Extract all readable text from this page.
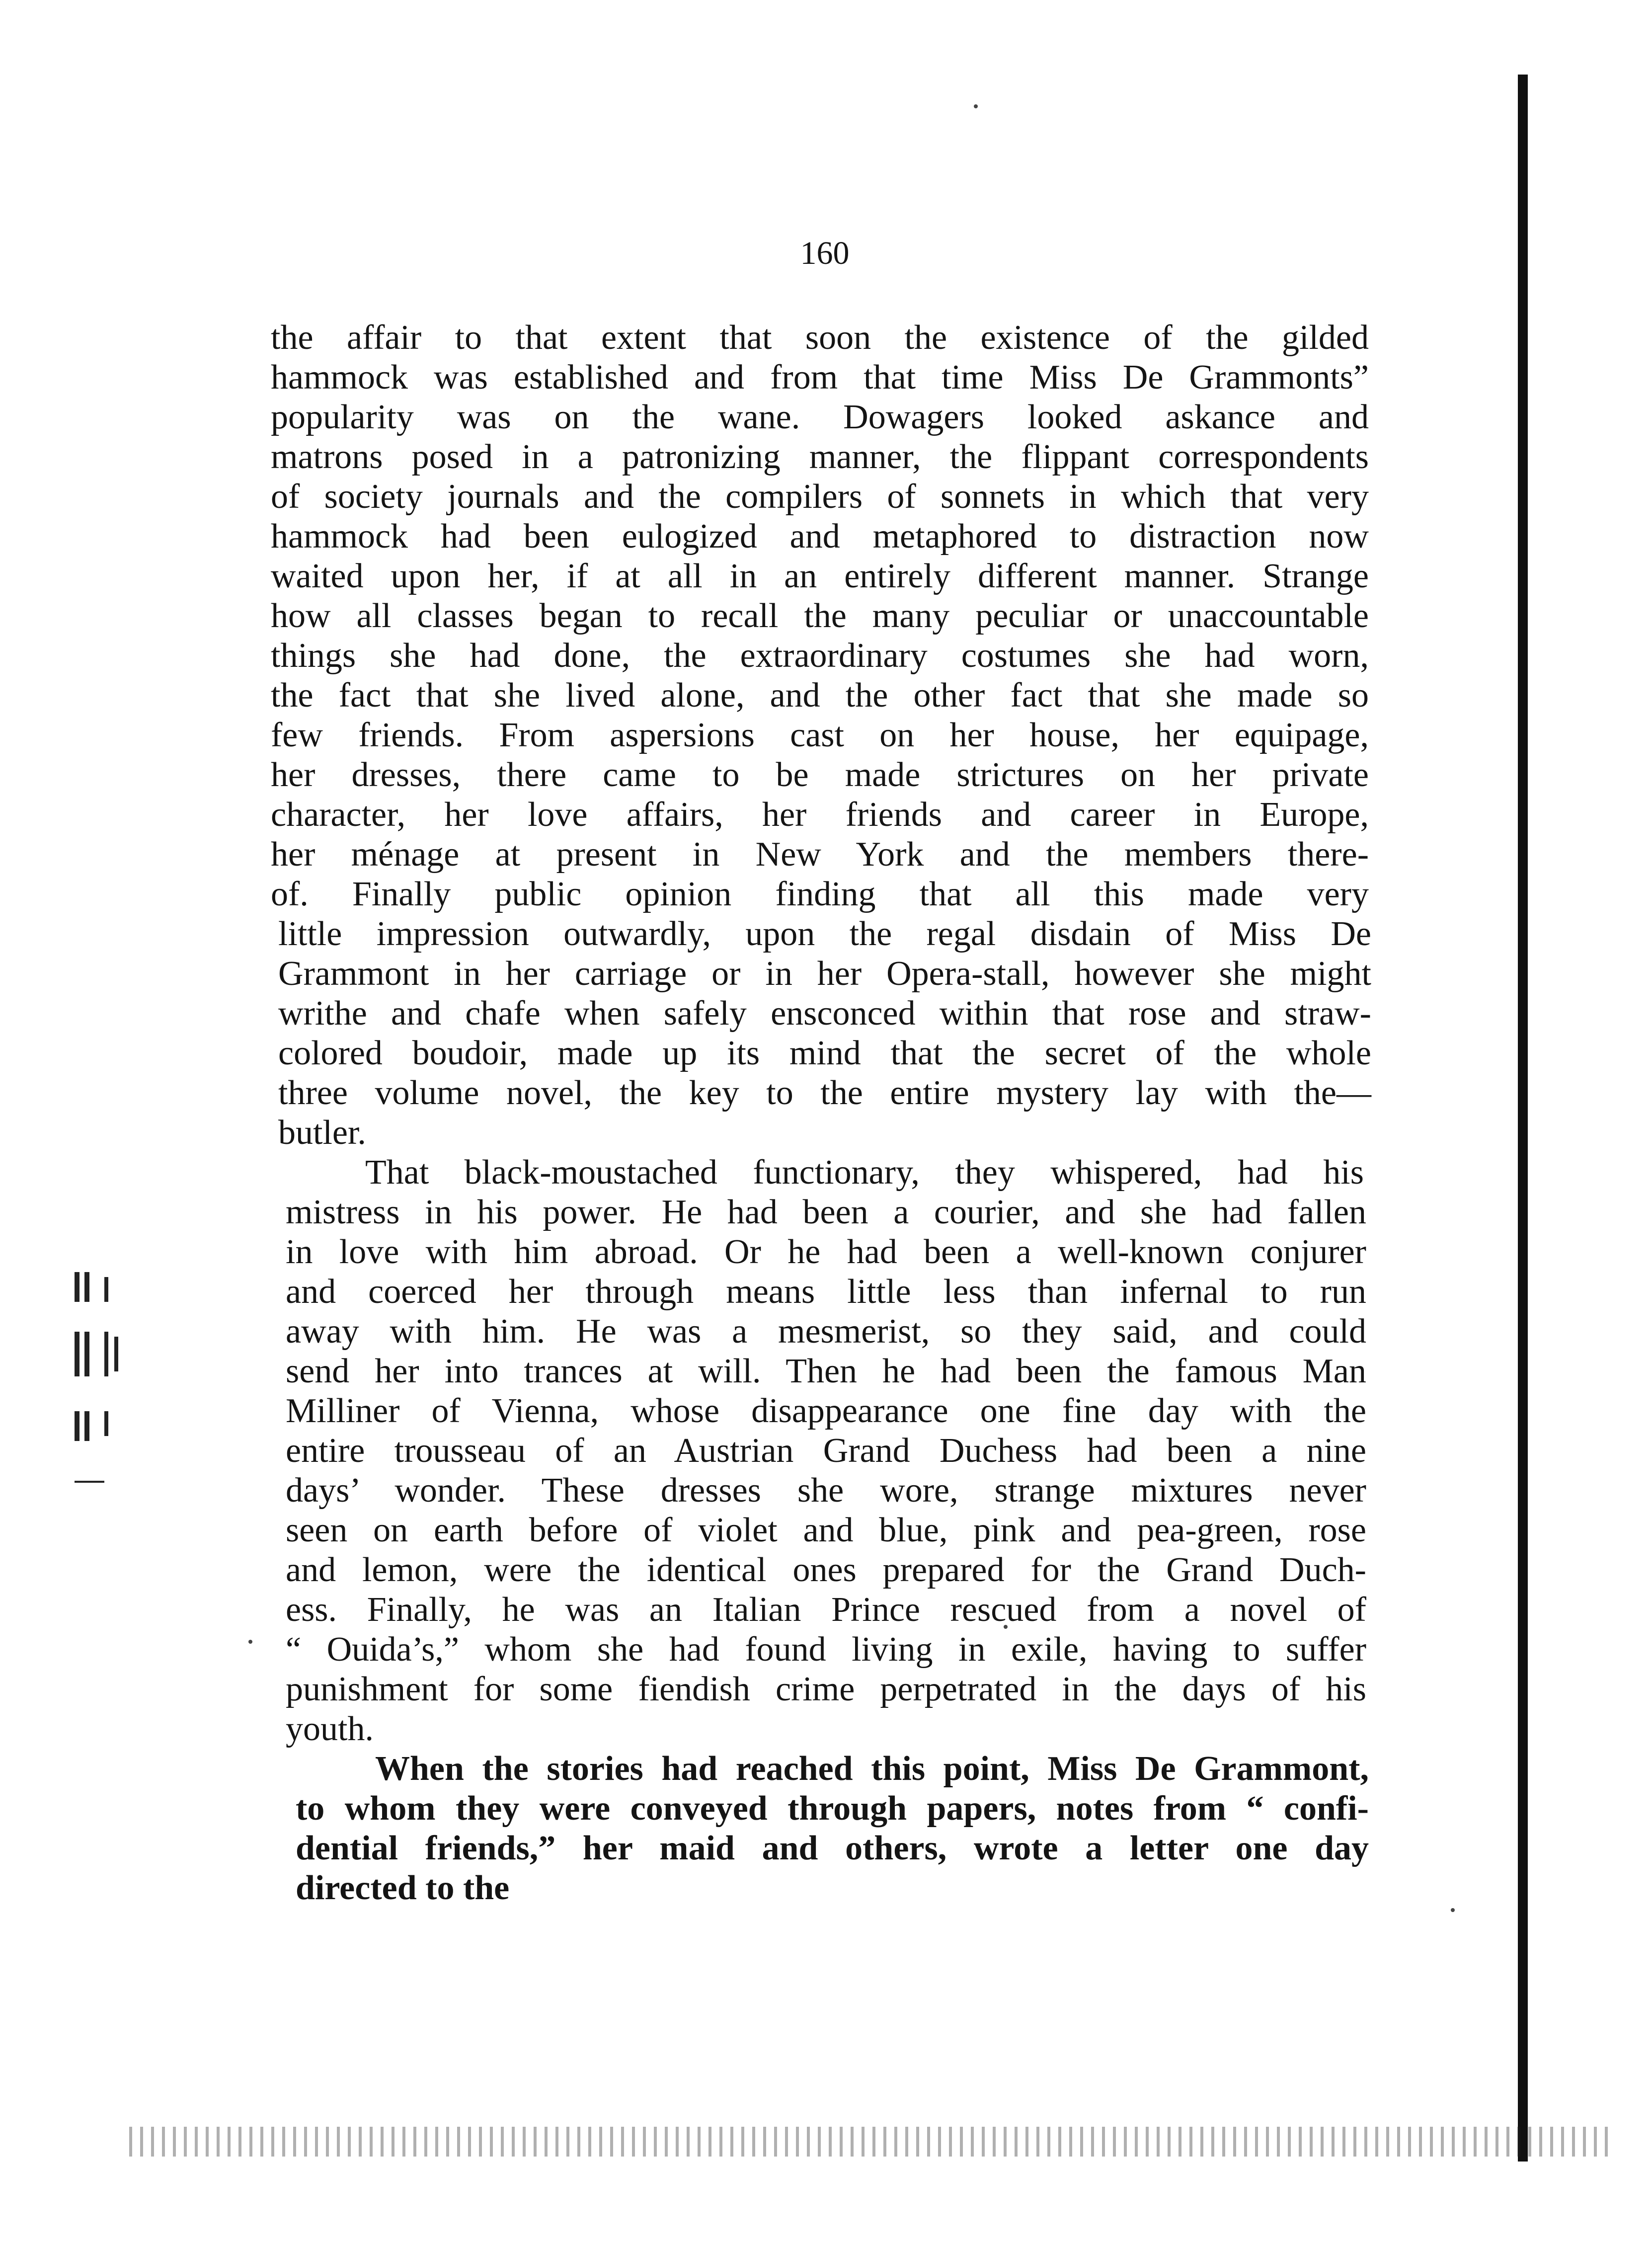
160
the affair to that extent that soon the existence of the gilded
hammock was established and from that time Miss De Grammonts”
popularity was on the wane. Dowagers looked askance and
matrons posed in a patronizing manner, the flippant correspondents
of society journals and the compilers of sonnets in which that very
hammock had been eulogized and metaphored to distraction now
waited upon her, if at all in an entirely different manner. Strange
how all classes began to recall the many peculiar or unaccountable
things she had done, the extraordinary costumes she had worn,
the fact that she lived alone, and the other fact that she made so
few friends. From aspersions cast on her house, her equipage,
her dresses, there came to be made strictures on her private
character, her love affairs, her friends and career in Europe,
her ménage at present in New York and the members there-
of. Finally public opinion finding that all this made very
little impression outwardly, upon the regal disdain of Miss De
Grammont in her carriage or in her Opera-stall, however she might
writhe and chafe when safely ensconced within that rose and straw-
colored boudoir, made up its mind that the secret of the whole
three volume novel, the key to the entire mystery lay with the—
butler.
That black-moustached functionary, they whispered, had his
mistress in his power. He had been a courier, and she had fallen
in love with him abroad. Or he had been a well-known conjurer
and coerced her through means little less than infernal to run
away with him. He was a mesmerist, so they said, and could
send her into trances at will. Then he had been the famous Man
Milliner of Vienna, whose disappearance one fine day with the
entire trousseau of an Austrian Grand Duchess had been a nine
days’ wonder. These dresses she wore, strange mixtures never
seen on earth before of violet and blue, pink and pea-green, rose
and lemon, were the identical ones prepared for the Grand Duch-
ess. Finally, he was an Italian Prince rescued from a novel of
“ Ouida’s,” whom she had found living in exile, having to suffer
punishment for some fiendish crime perpetrated in the days of his
youth.
When the stories had reached this point, Miss De Grammont,
to whom they were conveyed through papers, notes from “ confi-
dential friends,” her maid and others, wrote a letter one day
directed to the
